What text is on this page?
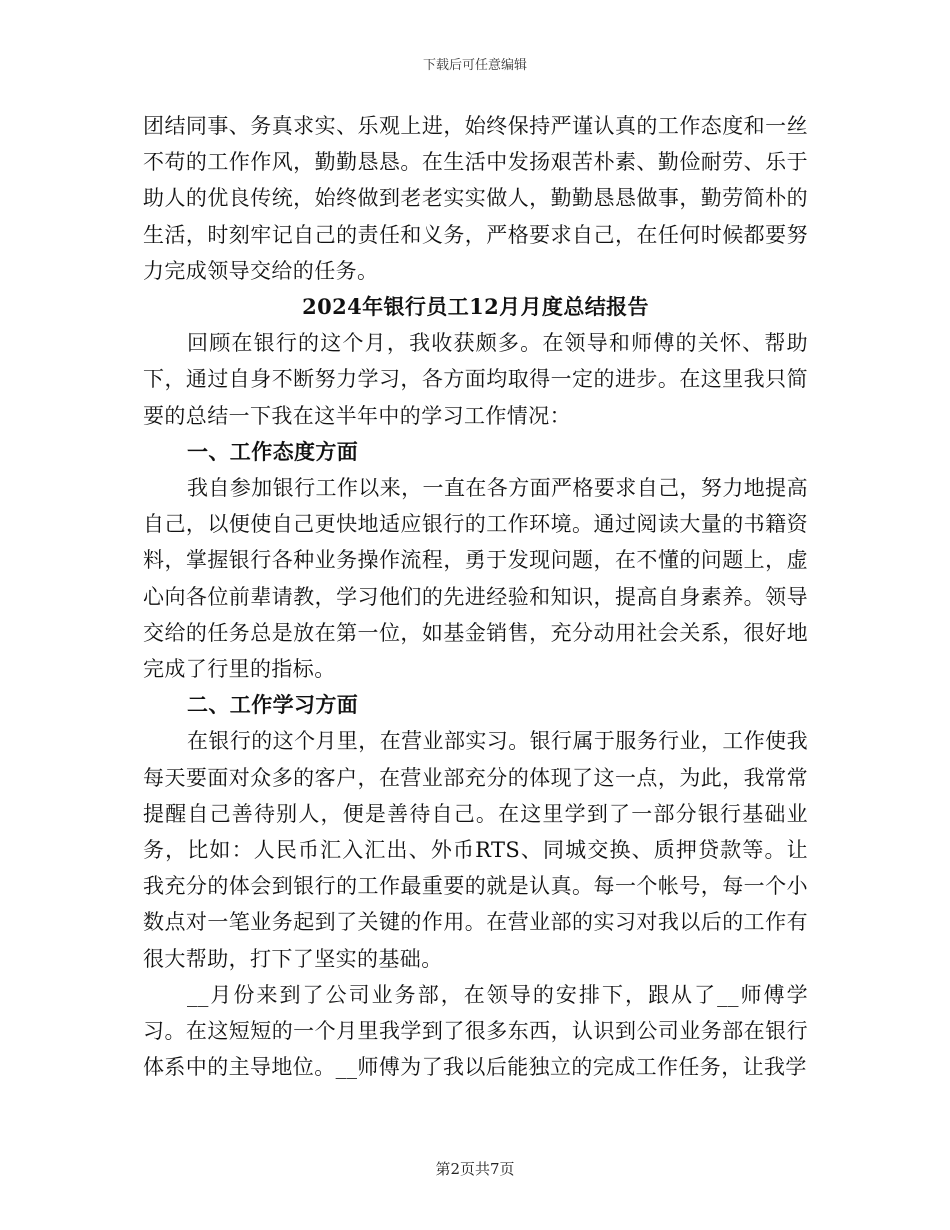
下载后可任意编辑

团结同事、务真求实、乐观上进，始终保持严谨认真的工作态度和一丝不苟的工作作风，勤勤恳恳。在生活中发扬艰苦朴素、勤俭耐劳、乐于助人的优良传统，始终做到老老实实做人，勤勤恳恳做事，勤劳简朴的生活，时刻牢记自己的责任和义务，严格要求自己，在任何时候都要努力完成领导交给的任务。

2024年银行员工12月月度总结报告

回顾在银行的这个月，我收获颇多。在领导和师傅的关怀、帮助下，通过自身不断努力学习，各方面均取得一定的进步。在这里我只简要的总结一下我在这半年中的学习工作情况：

一、工作态度方面

我自参加银行工作以来，一直在各方面严格要求自己，努力地提高自己，以便使自己更快地适应银行的工作环境。通过阅读大量的书籍资料，掌握银行各种业务操作流程，勇于发现问题，在不懂的问题上，虚心向各位前辈请教，学习他们的先进经验和知识，提高自身素养。领导交给的任务总是放在第一位，如基金销售，充分动用社会关系，很好地完成了行里的指标。

二、工作学习方面

在银行的这个月里，在营业部实习。银行属于服务行业，工作使我每天要面对众多的客户，在营业部充分的体现了这一点，为此，我常常提醒自己善待别人，便是善待自己。在这里学到了一部分银行基础业务，比如：人民币汇入汇出、外币RTS、同城交换、质押贷款等。让我充分的体会到银行的工作最重要的就是认真。每一个帐号，每一个小数点对一笔业务起到了关键的作用。在营业部的实习对我以后的工作有很大帮助，打下了坚实的基础。

__月份来到了公司业务部，在领导的安排下，跟从了__师傅学习。在这短短的一个月里我学到了很多东西，认识到公司业务部在银行体系中的主导地位。__师傅为了我以后能独立的完成工作任务，让我学

第2页共7页
